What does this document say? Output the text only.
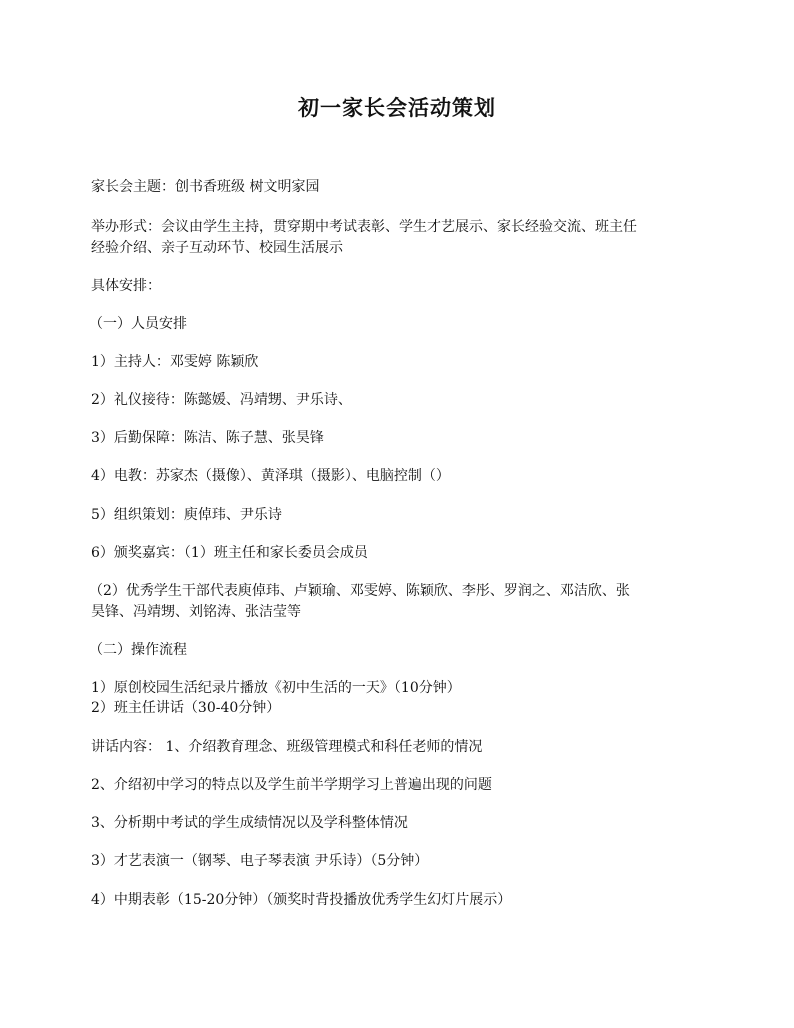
初一家长会活动策划
家长会主题：创书香班级 树文明家园
举办形式：会议由学生主持，贯穿期中考试表彰、学生才艺展示、家长经验交流、班主任
经验介绍、亲子互动环节、校园生活展示
具体安排：
（一）人员安排
1）主持人：邓雯婷 陈颖欣
2）礼仪接待：陈懿媛、冯靖甥、尹乐诗、
3）后勤保障：陈洁、陈子慧、张昊锋
4）电教：苏家杰（摄像）、黄泽琪（摄影）、电脑控制（）
5）组织策划：庾倬玮、尹乐诗
6）颁奖嘉宾：（1）班主任和家长委员会成员
（2）优秀学生干部代表庾倬玮、卢颖瑜、邓雯婷、陈颖欣、李彤、罗润之、邓洁欣、张
昊锋、冯靖甥、刘铭涛、张洁莹等
（二）操作流程
1）原创校园生活纪录片播放《初中生活的一天》（10分钟）
2）班主任讲话（30-40分钟）
讲话内容： 1、介绍教育理念、班级管理模式和科任老师的情况
2、介绍初中学习的特点以及学生前半学期学习上普遍出现的问题
3、分析期中考试的学生成绩情况以及学科整体情况
3）才艺表演一（钢琴、电子琴表演 尹乐诗）（5分钟）
4）中期表彰（15-20分钟）（颁奖时背投播放优秀学生幻灯片展示）
